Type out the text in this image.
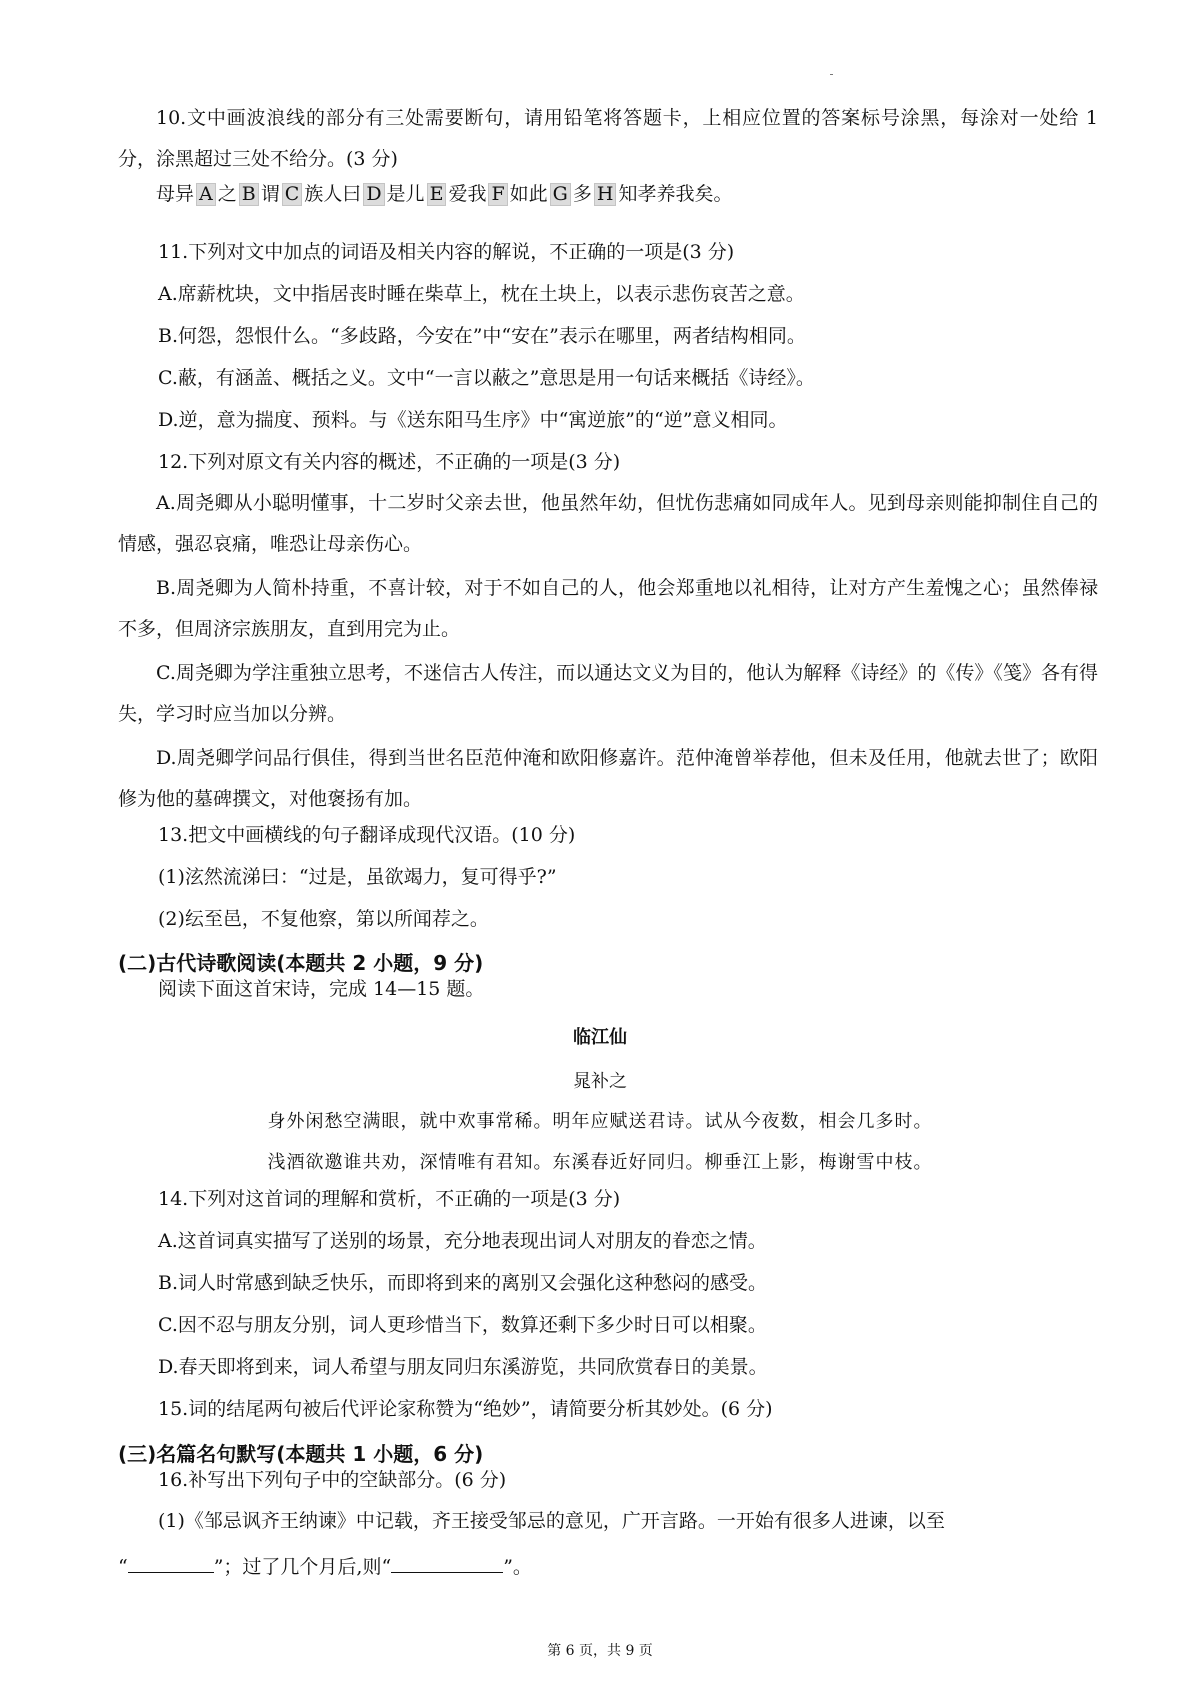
10.文中画波浪线的部分有三处需要断句，请用铅笔将答题卡，上相应位置的答案标号涂黑，每涂对一处给 1 分，涂黑超过三处不给分。(3 分)
母异 A 之 B 谓 C 族人曰 D 是儿 E 爱我 F 如此 G 多 H 知孝养我矣。
11.下列对文中加点的词语及相关内容的解说，不正确的一项是(3 分)
A.席薪枕块，文中指居丧时睡在柴草上，枕在土块上，以表示悲伤哀苦之意。
B.何怨，怨恨什么。“多歧路，今安在”中“安在”表示在哪里，两者结构相同。
C.蔽，有涵盖、概括之义。文中“一言以蔽之”意思是用一句话来概括《诗经》。
D.逆，意为揣度、预料。与《送东阳马生序》中“寓逆旅”的“逆”意义相同。
12.下列对原文有关内容的概述，不正确的一项是(3 分)
A.周尧卿从小聪明懂事，十二岁时父亲去世，他虽然年幼，但忧伤悲痛如同成年人。见到母亲则能抑制住自己的情感，强忍哀痛，唯恐让母亲伤心。
B.周尧卿为人简朴持重，不喜计较，对于不如自己的人，他会郑重地以礼相待，让对方产生羞愧之心；虽然俸禄不多，但周济宗族朋友，直到用完为止。
C.周尧卿为学注重独立思考，不迷信古人传注，而以通达文义为目的，他认为解释《诗经》的《传》《笺》各有得失，学习时应当加以分辨。
D.周尧卿学问品行俱佳，得到当世名臣范仲淹和欧阳修嘉许。范仲淹曾举荐他，但未及任用，他就去世了；欧阳修为他的墓碑撰文，对他褒扬有加。
13.把文中画横线的句子翻译成现代汉语。(10 分)
(1)泫然流涕曰：“过是，虽欲竭力，复可得乎?”
(2)纭至邑，不复他察，第以所闻荐之。
(二)古代诗歌阅读(本题共 2 小题，9 分)
阅读下面这首宋诗，完成 14—15 题。
临江仙
晁补之
身外闲愁空满眼，就中欢事常稀。明年应赋送君诗。试从今夜数，相会几多时。
浅酒欲邀谁共劝，深情唯有君知。东溪春近好同归。柳垂江上影，梅谢雪中枝。
14.下列对这首词的理解和赏析，不正确的一项是(3 分)
A.这首词真实描写了送别的场景，充分地表现出词人对朋友的眷恋之情。
B.词人时常感到缺乏快乐，而即将到来的离别又会强化这种愁闷的感受。
C.因不忍与朋友分别，词人更珍惜当下，数算还剩下多少时日可以相聚。
D.春天即将到来，词人希望与朋友同归东溪游览，共同欣赏春日的美景。
15.词的结尾两句被后代评论家称赞为“绝妙”，请简要分析其妙处。(6 分)
(三)名篇名句默写(本题共 1 小题，6 分)
16.补写出下列句子中的空缺部分。(6 分)
(1)《邹忌讽齐王纳谏》中记载，齐王接受邹忌的意见，广开言路。一开始有很多人进谏，以至
“	”；过了几个月后,则“	”。
第 6 页，共 9 页
